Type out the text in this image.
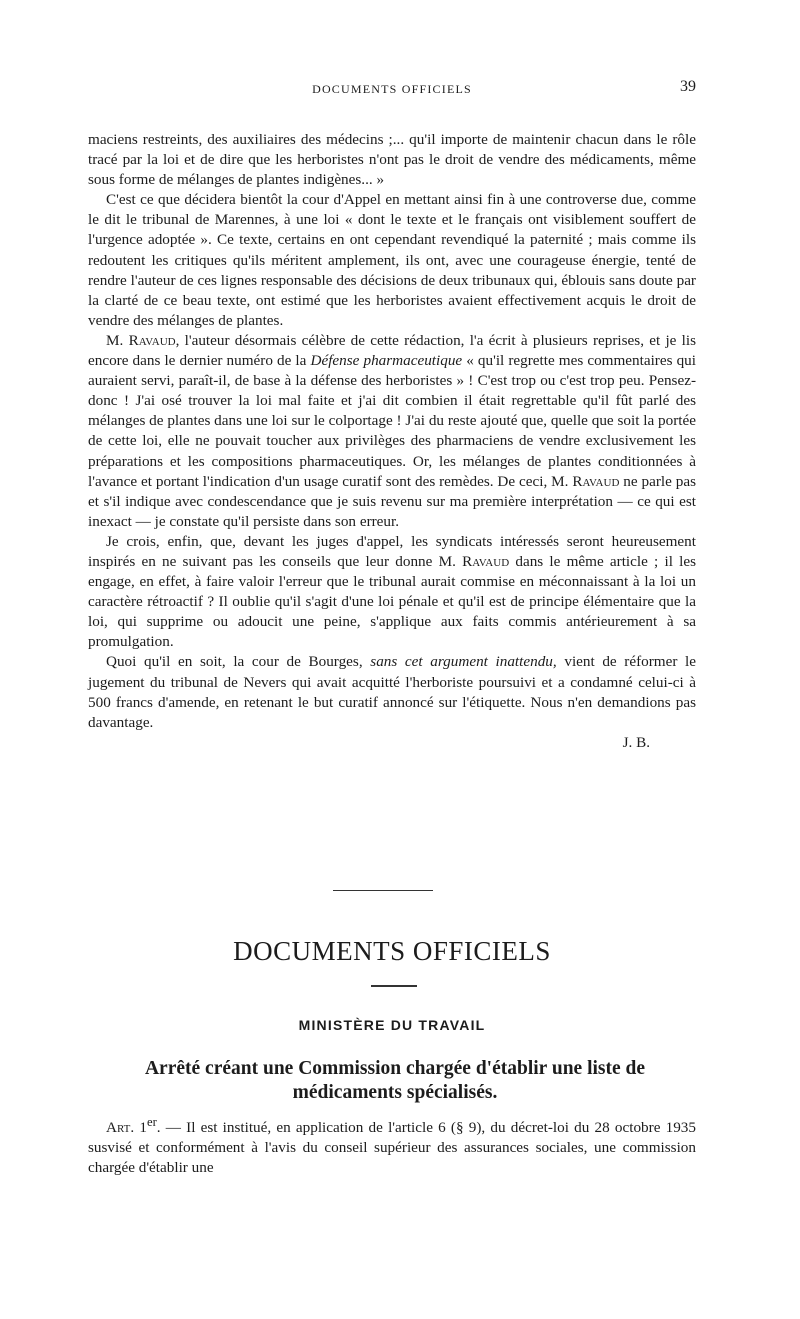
DOCUMENTS OFFICIELS	39

maciens restreints, des auxiliaires des médecins ;... qu'il importe de maintenir chacun dans le rôle tracé par la loi et de dire que les herboristes n'ont pas le droit de vendre des médicaments, même sous forme de mélanges de plantes indigènes... »

C'est ce que décidera bientôt la cour d'Appel en mettant ainsi fin à une controverse due, comme le dit le tribunal de Marennes, à une loi « dont le texte et le français ont visiblement souffert de l'urgence adoptée ». Ce texte, certains en ont cependant revendiqué la paternité ; mais comme ils redoutent les critiques qu'ils méritent amplement, ils ont, avec une courageuse énergie, tenté de rendre l'auteur de ces lignes responsable des décisions de deux tribunaux qui, éblouis sans doute par la clarté de ce beau texte, ont estimé que les herboristes avaient effectivement acquis le droit de vendre des mélanges de plantes.

M. Ravaud, l'auteur désormais célèbre de cette rédaction, l'a écrit à plusieurs reprises, et je lis encore dans le dernier numéro de la Défense pharmaceutique « qu'il regrette mes commentaires qui auraient servi, paraît-il, de base à la défense des herboristes » ! C'est trop ou c'est trop peu. Pensez-donc ! J'ai osé trouver la loi mal faite et j'ai dit combien il était regrettable qu'il fût parlé des mélanges de plantes dans une loi sur le colportage ! J'ai du reste ajouté que, quelle que soit la portée de cette loi, elle ne pouvait toucher aux privilèges des pharmaciens de vendre exclusivement les préparations et les compositions pharmaceutiques. Or, les mélanges de plantes conditionnées à l'avance et portant l'indication d'un usage curatif sont des remèdes. De ceci, M. Ravaud ne parle pas et s'il indique avec condescendance que je suis revenu sur ma première interprétation — ce qui est inexact — je constate qu'il persiste dans son erreur.

Je crois, enfin, que, devant les juges d'appel, les syndicats intéressés seront heureusement inspirés en ne suivant pas les conseils que leur donne M. Ravaud dans le même article ; il les engage, en effet, à faire valoir l'erreur que le tribunal aurait commise en méconnaissant à la loi un caractère rétroactif ? Il oublie qu'il s'agit d'une loi pénale et qu'il est de principe élémentaire que la loi, qui supprime ou adoucit une peine, s'applique aux faits commis antérieurement à sa promulgation.

Quoi qu'il en soit, la cour de Bourges, sans cet argument inattendu, vient de réformer le jugement du tribunal de Nevers qui avait acquitté l'herboriste poursuivi et a condamné celui-ci à 500 francs d'amende, en retenant le but curatif annoncé sur l'étiquette. Nous n'en demandions pas davantage.

J. B.

DOCUMENTS OFFICIELS
MINISTÈRE DU TRAVAIL
Arrêté créant une Commission chargée d'établir une liste de médicaments spécialisés.

Art. 1er. — Il est institué, en application de l'article 6 (§ 9), du décret-loi du 28 octobre 1935 susvisé et conformément à l'avis du conseil supérieur des assurances sociales, une commission chargée d'établir une
